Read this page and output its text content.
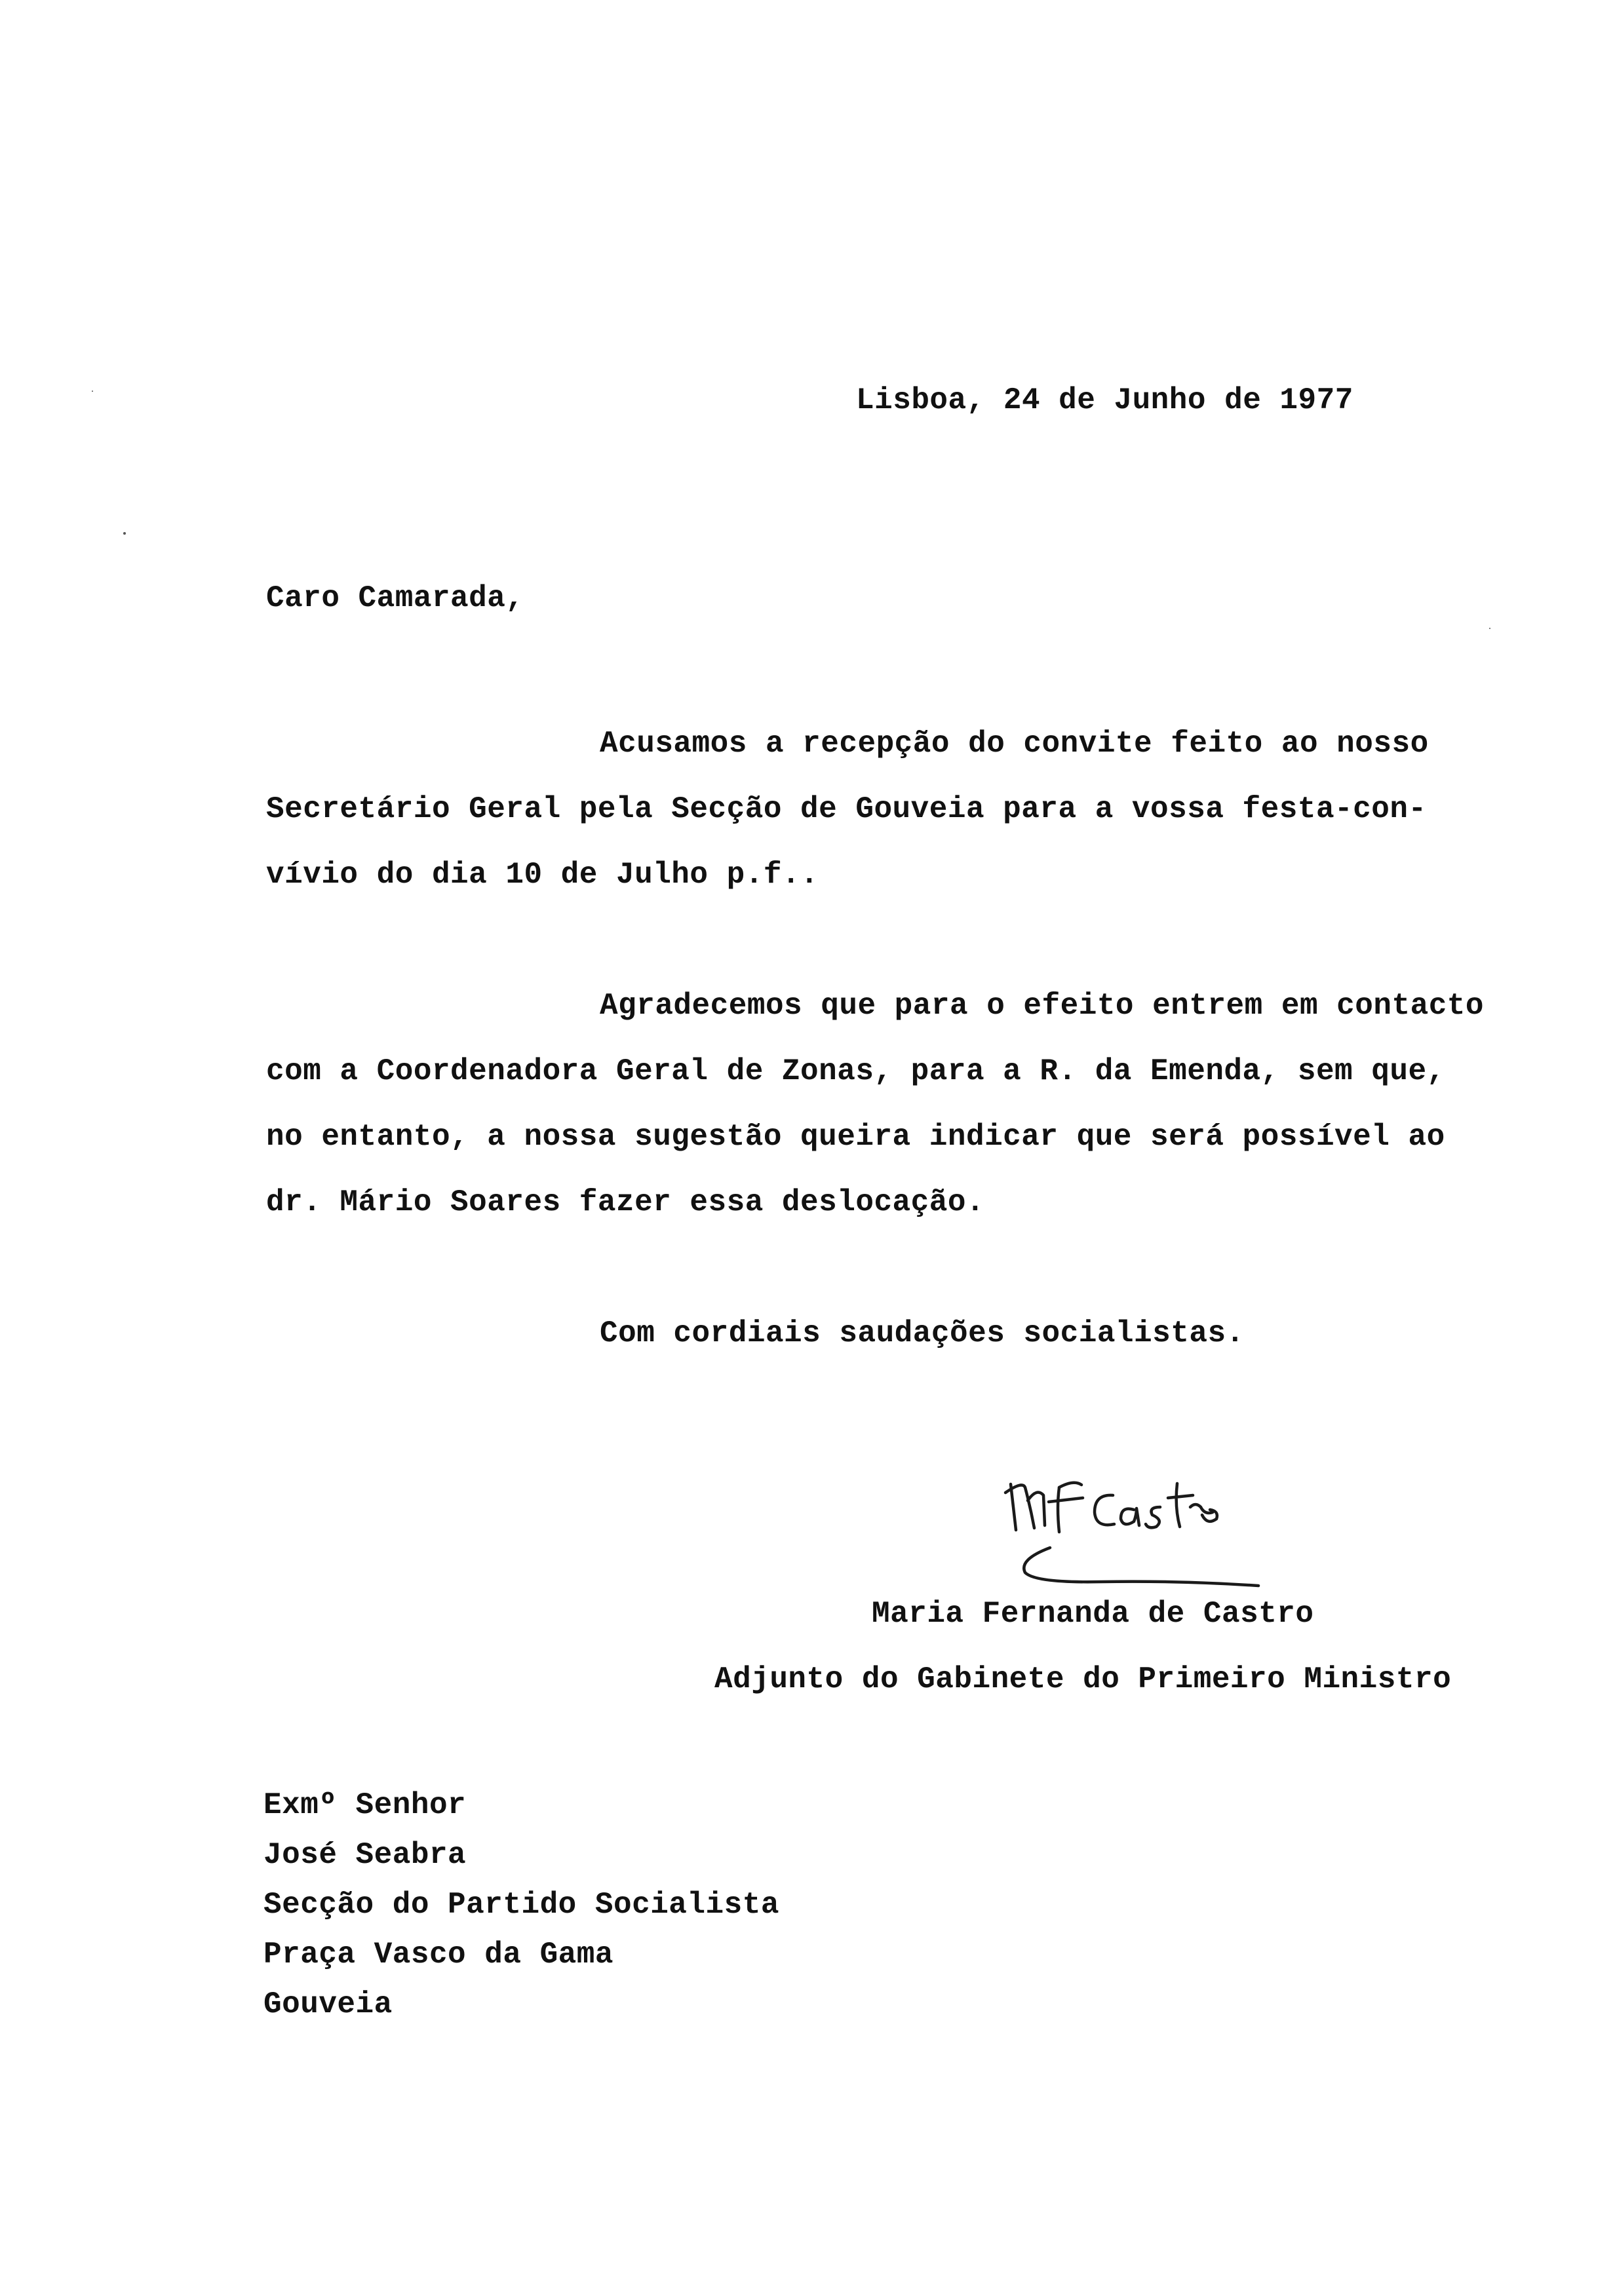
Lisboa, 24 de Junho de 1977
Caro Camarada,
Acusamos a recepção do convite feito ao nosso
Secretário Geral pela Secção de Gouveia para a vossa festa-con-
vívio do dia 10 de Julho p.f..
Agradecemos que para o efeito entrem em contacto
com a Coordenadora Geral de Zonas, para a R. da Emenda, sem que,
no entanto, a nossa sugestão queira indicar que será possível ao
dr. Mário Soares fazer essa deslocação.
Com cordiais saudações socialistas.
Maria Fernanda de Castro
Adjunto do Gabinete do Primeiro Ministro
Exmº Senhor
José Seabra
Secção do Partido Socialista
Praça Vasco da Gama
Gouveia
